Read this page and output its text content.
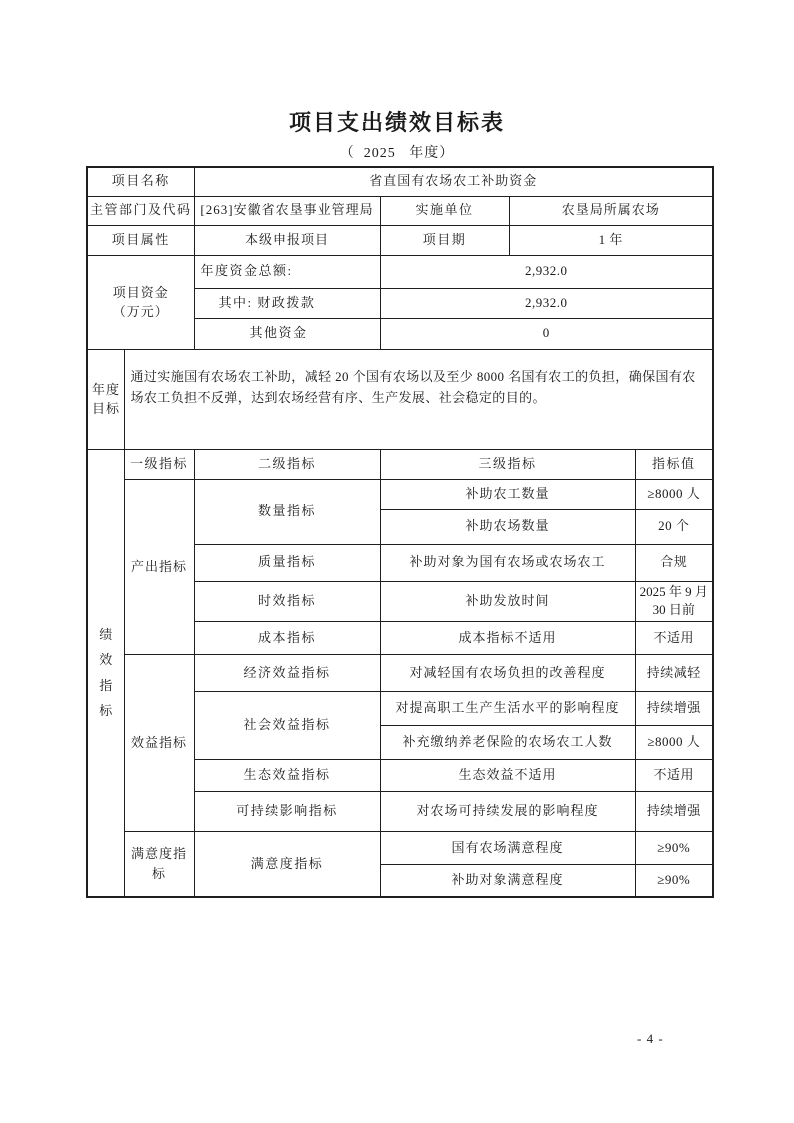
项目支出绩效目标表
（  2025   年度）
项目名称		省直国有农场农工补助资金			
主管部门及代码		[263]安徽省农垦事业管理局	实施单位	农垦局所属农场	
项目属性		本级申报项目	项目期	1 年	

项目资金（万元）		年度资金总额:	2,932.0		
		其中: 财政拨款	2,932.0		
		其他资金	0		

年度目标	通过实施国有农场农工补助，减轻 20 个国有农场以及至少 8000 名国有农工的负担，确保国有农场农工负担不反弹，达到农场经营有序、生产发展、社会稳定的目的。				

绩效指标	一级指标	二级指标	三级指标		指标值

	产出指标	数量指标	补助农工数量		≥8000 人
			补助农场数量		20 个
		质量指标	补助对象为国有农场或农场农工		合规
		时效指标	补助发放时间		2025 年 9 月 30 日前
		成本指标	成本指标不适用		不适用

	效益指标	经济效益指标	对减轻国有农场负担的改善程度		持续减轻
		社会效益指标	对提高职工生产生活水平的影响程度		持续增强
			补充缴纳养老保险的农场农工人数		≥8000 人
		生态效益指标	生态效益不适用		不适用
		可持续影响指标	对农场可持续发展的影响程度		持续增强

	满意度指标	满意度指标	国有农场满意程度		≥90%
			补助对象满意程度		≥90%
- 4 -
